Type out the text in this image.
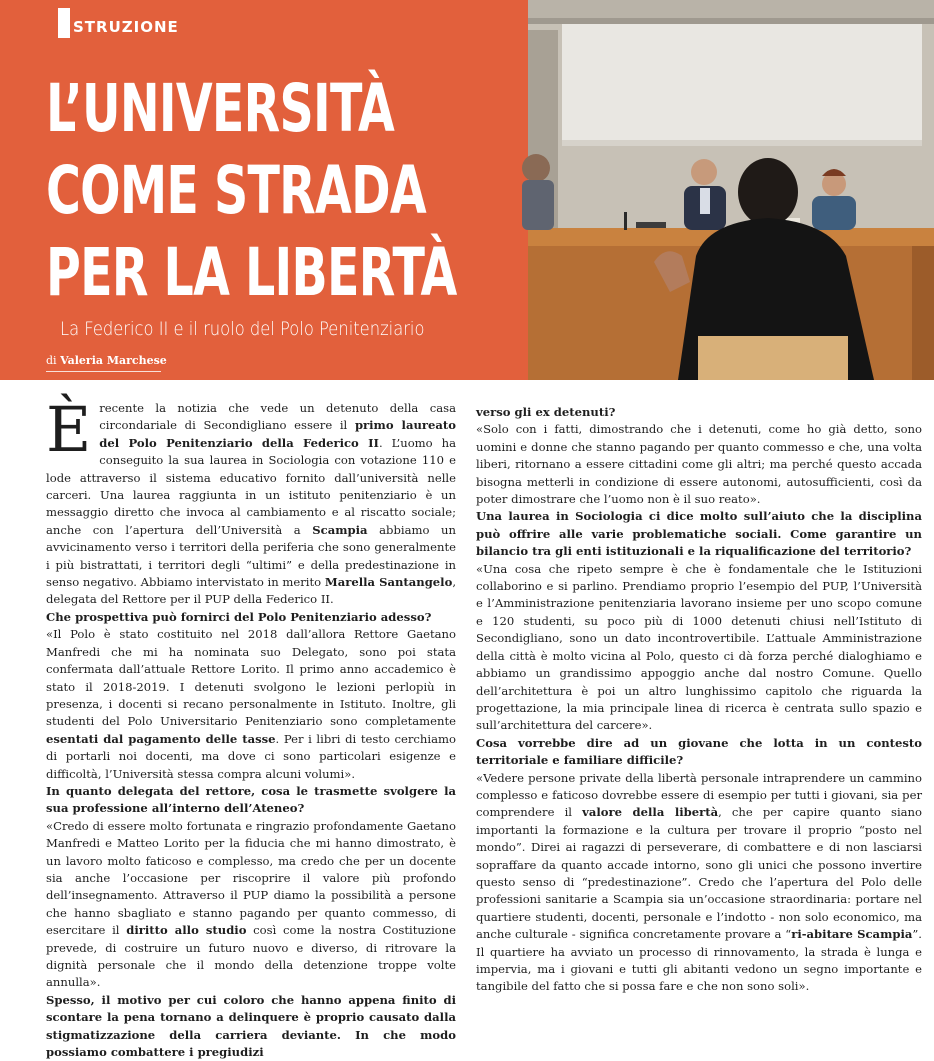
STRUZIONE
L’UNIVERSITÀ
COME STRADA
PER LA LIBERTÀ
La Federico II e il ruolo del Polo Penitenziario
di Valeria Marchese

È recente la notizia che vede un detenuto della casa circondariale di Secondigliano essere il primo laureato del Polo Penitenziario della Federico II. L’uomo ha conseguito la sua laurea in Sociologia con votazione 110 e lode attraverso il sistema educativo fornito dall’università nelle carceri. Una laurea raggiunta in un istituto penitenziario è un messaggio diretto che invoca al cambiamento e al riscatto sociale; anche con l’apertura dell’Università a Scampia abbiamo un avvicinamento verso i territori della periferia che sono generalmente i più bistrattati, i territori degli “ultimi” e della predestinazione in senso negativo. Abbiamo intervistato in merito Marella Santangelo, delegata del Rettore per il PUP della Federico II.

Che prospettiva può fornirci del Polo Penitenziario adesso?

«Il Polo è stato costituito nel 2018 dall’allora Rettore Gaetano Manfredi che mi ha nominata suo Delegato, sono poi stata confermata dall’attuale Rettore Lorito. Il primo anno accademico è stato il 2018-2019. I detenuti svolgono le lezioni perlopiù in presenza, i docenti si recano personalmente in Istituto. Inoltre, gli studenti del Polo Universitario Penitenziario sono completamente esentati dal pagamento delle tasse. Per i libri di testo cerchiamo di portarli noi docenti, ma dove ci sono particolari esigenze e difficoltà, l’Università stessa compra alcuni volumi».

In quanto delegata del rettore, cosa le trasmette svolgere la sua professione all’interno dell’Ateneo?

«Credo di essere molto fortunata e ringrazio profondamente Gaetano Manfredi e Matteo Lorito per la fiducia che mi hanno dimostrato, è un lavoro molto faticoso e complesso, ma credo che per un docente sia anche l’occasione per riscoprire il valore più profondo dell’insegnamento. Attraverso il PUP diamo la possibilità a persone che hanno sbagliato e stanno pagando per quanto commesso, di esercitare il diritto allo studio così come la nostra Costituzione prevede, di costruire un futuro nuovo e diverso, di ritrovare la dignità personale che il mondo della detenzione troppe volte annulla».

Spesso, il motivo per cui coloro che hanno appena finito di scontare la pena tornano a delinquere è proprio causato dalla stigmatizzazione della carriera deviante. In che modo possiamo combattere i pregiudizi

verso gli ex detenuti?

«Solo con i fatti, dimostrando che i detenuti, come ho già detto, sono uomini e donne che stanno pagando per quanto commesso e che, una volta liberi, ritornano a essere cittadini come gli altri; ma perché questo accada bisogna metterli in condizione di essere autonomi, autosufficienti, così da poter dimostrare che l’uomo non è il suo reato».

Una laurea in Sociologia ci dice molto sull’aiuto che la disciplina può offrire alle varie problematiche sociali. Come garantire un bilancio tra gli enti istituzionali e la riqualificazione del territorio?

«Una cosa che ripeto sempre è che è fondamentale che le Istituzioni collaborino e si parlino. Prendiamo proprio l’esempio del PUP, l’Università e l’Amministrazione penitenziaria lavorano insieme per uno scopo comune e 120 studenti, su poco più di 1000 detenuti chiusi nell’Istituto di Secondigliano, sono un dato incontrovertibile. L’attuale Amministrazione della città è molto vicina al Polo, questo ci dà forza perché dialoghiamo e abbiamo un grandissimo appoggio anche dal nostro Comune. Quello dell’architettura è poi un altro lunghissimo capitolo che riguarda la progettazione, la mia principale linea di ricerca è centrata sullo spazio e sull’architettura del carcere».

Cosa vorrebbe dire ad un giovane che lotta in un contesto territoriale e familiare difficile?

«Vedere persone private della libertà personale intraprendere un cammino complesso e faticoso dovrebbe essere di esempio per tutti i giovani, sia per comprendere il valore della libertà, che per capire quanto siano importanti la formazione e la cultura per trovare il proprio “posto nel mondo”. Direi ai ragazzi di perseverare, di combattere e di non lasciarsi sopraffare da quanto accade intorno, sono gli unici che possono invertire questo senso di “predestinazione”. Credo che l’apertura del Polo delle professioni sanitarie a Scampia sia un’occasione straordinaria: portare nel quartiere studenti, docenti, personale e l’indotto - non solo economico, ma anche culturale - significa concretamente provare a “ri-abitare Scampia”. Il quartiere ha avviato un processo di rinnovamento, la strada è lunga e impervia, ma i giovani e tutti gli abitanti vedono un segno importante e tangibile del fatto che si possa fare e che non sono soli».
